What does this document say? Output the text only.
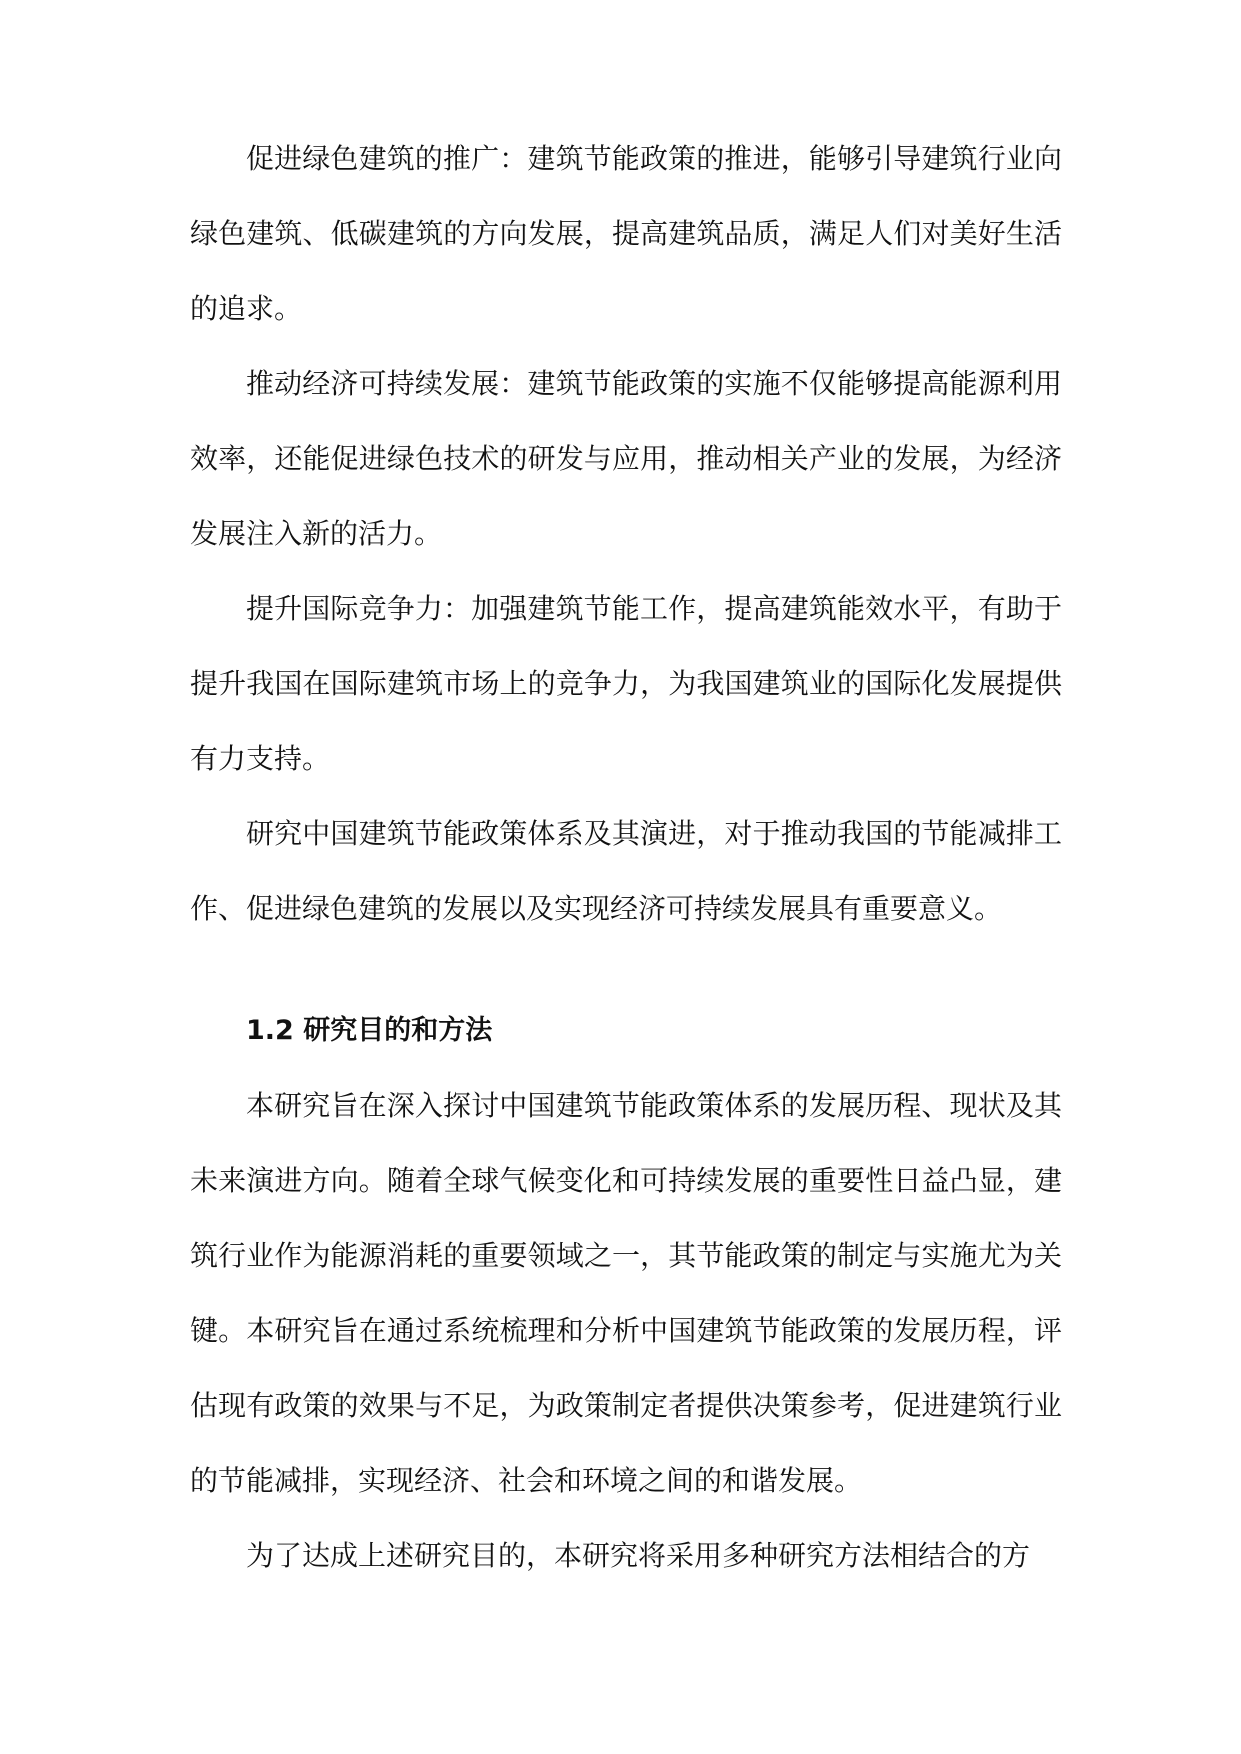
促进绿色建筑的推广：建筑节能政策的推进，能够引导建筑行业向绿色建筑、低碳建筑的方向发展，提高建筑品质，满足人们对美好生活的追求。

推动经济可持续发展：建筑节能政策的实施不仅能够提高能源利用效率，还能促进绿色技术的研发与应用，推动相关产业的发展，为经济发展注入新的活力。

提升国际竞争力：加强建筑节能工作，提高建筑能效水平，有助于提升我国在国际建筑市场上的竞争力，为我国建筑业的国际化发展提供有力支持。

研究中国建筑节能政策体系及其演进，对于推动我国的节能减排工作、促进绿色建筑的发展以及实现经济可持续发展具有重要意义。

1.2 研究目的和方法

本研究旨在深入探讨中国建筑节能政策体系的发展历程、现状及其未来演进方向。随着全球气候变化和可持续发展的重要性日益凸显，建筑行业作为能源消耗的重要领域之一，其节能政策的制定与实施尤为关键。本研究旨在通过系统梳理和分析中国建筑节能政策的发展历程，评估现有政策的效果与不足，为政策制定者提供决策参考，促进建筑行业的节能减排，实现经济、社会和环境之间的和谐发展。

为了达成上述研究目的，本研究将采用多种研究方法相结合的方
